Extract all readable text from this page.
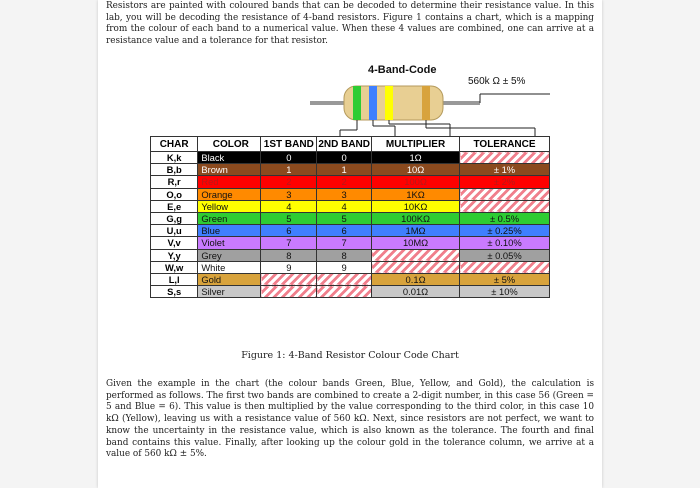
Resistors are painted with coloured bands that can be decoded to determine their resistance value. In this lab, you will be decoding the resistance of 4-band resistors. Figure 1 contains a chart, which is a mapping from the colour of each band to a numerical value. When these 4 values are combined, one can arrive at a resistance value and a tolerance for that resistor.

4-Band-Code
560k Ω ± 5%
CHAR	COLOR	1ST BAND	2ND BAND	MULTIPLIER	TOLERANCE
K,k	Black	0	0	1Ω	
B,b	Brown	1	1	10Ω	± 1%
R,r	Red	2	2	100Ω	± 2%
O,o	Orange	3	3	1KΩ	
E,e	Yellow	4	4	10KΩ	
G,g	Green	5	5	100KΩ	± 0.5%
U,u	Blue	6	6	1MΩ	± 0.25%
V,v	Violet	7	7	10MΩ	± 0.10%
Y,y	Grey	8	8		± 0.05%
W,w	White	9	9		
L,l	Gold			0.1Ω	± 5%
S,s	Silver			0.01Ω	± 10%
Figure 1: 4-Band Resistor Colour Code Chart

Given the example in the chart (the colour bands Green, Blue, Yellow, and Gold), the calculation is performed as follows. The first two bands are combined to create a 2-digit number, in this case 56 (Green = 5 and Blue = 6). This value is then multiplied by the value corresponding to the third color, in this case 10 kΩ (Yellow), leaving us with a resistance value of 560 kΩ. Next, since resistors are not perfect, we want to know the uncertainty in the resistance value, which is also known as the tolerance. The fourth and final band contains this value. Finally, after looking up the colour gold in the tolerance column, we arrive at a value of 560 kΩ ± 5%.
